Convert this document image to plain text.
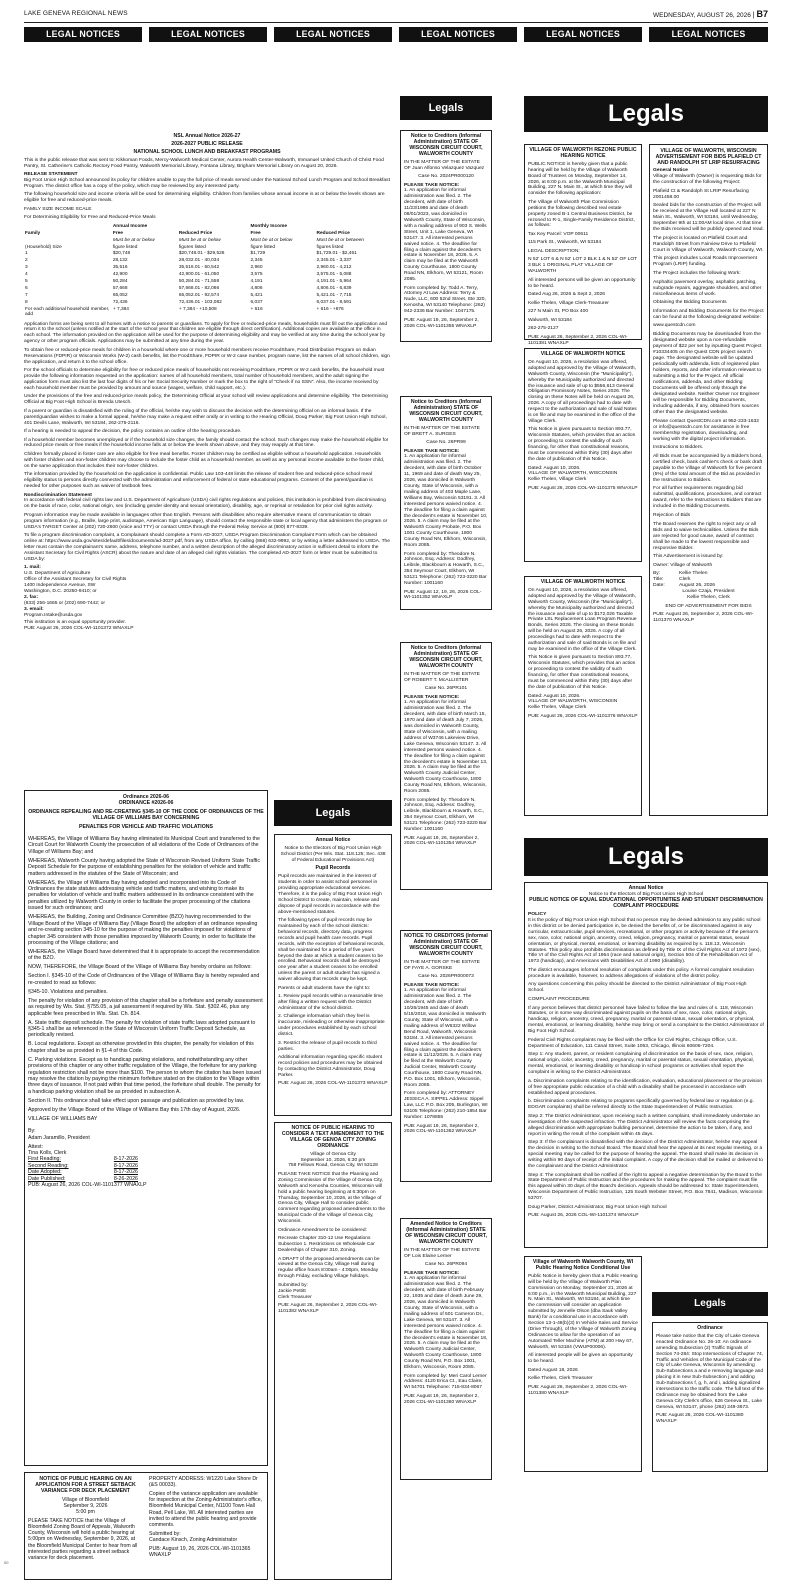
LAKE GENEVA REGIONAL NEWS	WEDNESDAY, AUGUST 26, 2026 | B7
LEGAL NOTICES	LEGAL NOTICES	LEGAL NOTICES	LEGAL NOTICES	LEGAL NOTICES	LEGAL NOTICES
Legals	Legals
Legals
Legals
Legals

NSL Annual Notice 2026-27

2026-2027 PUBLIC RELEASE

NATIONAL SCHOOL LUNCH AND BREAKFAST PROGRAMS

This is the public release that was sent to: Kikkoman Foods, Mercy-Walworth Medical Center, Aurora Health Center-Walworth, Immanuel United Church of Christ Food Pantry, St. Catherine's Catholic Rectory Food Pantry, Walworth Memorial Library, Fontana Library, Brigham Memorial Library on August 20, 2026.

RELEASE STATEMENT

Big Foot Union High School announced its policy for children unable to pay the full price of meals served under the National School Lunch Program and School Breakfast Program. The district office has a copy of the policy, which may be reviewed by any interested party.

The following household size and income criteria will be used for determining eligibility. Children from families whose annual income is at or below the levels shown are eligible for free and reduced-price meals.

FAMILY SIZE INCOME SCALE

For Determining Eligibility for Free and Reduced-Price Meals

	Annual Income		Monthly Income	
Family	Free	Reduced Price	Free	Reduced Price
	Must be at or below	Must be at or below	Must be at or below	Must be at or between
(Household) Size	figure listed	figures listed	figure listed	figures listed
1	$20,748	$20,748.01 - $29,526	$1,729	$1,729.01 - $2,461
2	28,132	28,032.01 - 40,034	2,345	2,345.01 - 3,337
3	35,516	35,516.01 - 50,542	2,960	2,960.01 - 4,212
4	42,900	42,900.01 - 61,050	3,575	3,575.01 - 5,088
5	50,284	50,284.01 - 71,558	4,191	4,191.01 - 5,964
6	57,668	57,668.01 - 82,066	4,806	4,806.01 - 6,839
7	65,052	65,052.01 - 92,574	5,421	5,421.01 - 7,715
8	72,436	72,436.01 - 103,082	6,037	6,037.01 - 8,591
For each additional household member, add	+ 7,384	+ 7,384 - +10,508	+ 616	+ 616 - +876

Application forms are being sent to all homes with a notice to parents or guardians. To apply for free or reduced-price meals, households must fill out the application and return it to the school (unless notified at the start of the school year that children are eligible through direct certification). Additional copies are available at the office in each school. The information provided on the application will be used for the purpose of determining eligibility and may be verified at any time during the school year by agency or other program officials. Applications may be submitted at any time during the year.

To obtain free or reduced-price meals for children in a household where one or more household members receive FoodShare, Food Distribution Program on Indian Reservations (FDPIR) or Wisconsin Works (W-2) cash benefits, list the FoodShare, FDPIR or W-2 case number, program name, list the names of all school children, sign the application, and return it to the school office.

For the school officials to determine eligibility for free or reduced price meals of households not receiving FoodShare, FDPIR or W-2 cash benefits, the household must provide the following information requested on the application: names of all household members, total number of household members, and the adult signing the application form must also list the last four digits of his or her Social Security Number or mark the box to the right of "Check if no SSN". Also, the income received by each household member must be provided by amount and source (wages, welfare, child support, etc.).

Under the provisions of the free and reduced-price meals policy, the Determining Official at your school will review applications and determine eligibility. The Determining Official at Big Foot High School is Brenda Utesch.

If a parent or guardian is dissatisfied with the ruling of the official, he/she may wish to discuss the decision with the determining official on an informal basis. If the parent/guardian wishes to make a formal appeal, he/she may make a request either orally or in writing to the Hearing Official, Doug Parker, Big Foot Union High School, 401 Devils Lane, Walworth, WI 53184, 262-275-2116.

If a hearing is needed to appeal the decision, the policy contains an outline of the hearing procedure.

If a household member becomes unemployed or if the household size changes, the family should contact the school. Such changes may make the household eligible for reduced price meals or free meals if the household income falls at or below the levels shown above, and they may reapply at that time.

Children formally placed in foster care are also eligible for free meal benefits. Foster children may be certified as eligible without a household application. Households with foster children and non-foster children may choose to include the foster child as a household member, as well as any personal income available to the foster child, on the same application that includes their non-foster children.

The information provided by the household on the application is confidential. Public Law 103-448 limits the release of student free and reduced-price school meal eligibility status to persons directly connected with the administration and enforcement of federal or state educational programs. Consent of the parent/guardian is needed for other purposes such as waiver of textbook fees.

Nondiscrimination Statement

In accordance with federal civil rights law and U.S. Department of Agriculture (USDA) civil rights regulations and policies, this institution is prohibited from discriminating on the basis of race, color, national origin, sex (including gender identity and sexual orientation), disability, age, or reprisal or retaliation for prior civil rights activity.

Program information may be made available in languages other than English. Persons with disabilities who require alternative means of communication to obtain program information (e.g., Braille, large print, audiotape, American Sign Language), should contact the responsible state or local agency that administers the program or USDA's TARGET Center at (202) 720-2600 (voice and TTY) or contact USDA through the Federal Relay Service at (800) 877-8339.

To file a program discrimination complaint, a Complainant should complete a Form AD-3027, USDA Program Discrimination Complaint Form which can be obtained online at: https://www.usda.gov/sites/default/files/documents/ad-3027.pdf, from any USDA office, by calling (866) 632-9992, or by writing a letter addressed to USDA. The letter must contain the complainant's name, address, telephone number, and a written description of the alleged discriminatory action in sufficient detail to inform the Assistant Secretary for Civil Rights (ASCR) about the nature and date of an alleged civil rights violation. The completed AD-3027 form or letter must be submitted to USDA by:

1. mail:
U.S. Department of Agriculture
Office of the Assistant Secretary for Civil Rights
1400 Independence Avenue, SW
Washington, D.C. 20250-9410; or
2. fax:
(833) 256-1665 or (202) 690-7442; or
3. email:
Program.Intake@usda.gov
This institution is an equal opportunity provider.
PUB: August 26, 2026 COL-WI-1101372 WNAXLP

Ordinance 2026-06

ORDINANCE #2026-06

ORDINANCE REPEALING AND RE-CREATING §345-10 OF THE CODE OF ORDINANCES OF THE VILLAGE OF WILLIAMS BAY CONCERNING

PENALTIES FOR VEHICLE AND TRAFFIC VIOLATIONS

WHEREAS, the Village of Williams Bay having eliminated its Municipal Court and transferred to the Circuit Court for Walworth County the prosecution of all violations of the Code of Ordinances of the Village of Williams Bay; and

WHEREAS, Walworth County having adopted the State of Wisconsin Revised Uniform State Traffic Deposit Schedule for the purpose of establishing penalties for the violation of vehicle and traffic matters addressed in the statutes of the State of Wisconsin; and

WHEREAS, the Village of Williams Bay having adopted and incorporated into its Code of Ordinances the state statutes addressing vehicle and traffic matters, and wishing to make its penalties for violation of vehicle and traffic matters addressed in its ordinance consistent with the penalties utilized by Walworth County in order to facilitate the proper processing of the citations issued for such ordinances; and

WHEREAS, the Building, Zoning and Ordinance Committee (BZO) having recommended to the Village Board of the Village of Williams Bay (Village Board) the adoption of an ordinance repealing and re-creating section 345-10 for the purpose of making the penalties imposed for violations of chapter 345 consistent with those penalties imposed by Walworth County, in order to facilitate the processing of the Village citations; and

WHEREAS, the Village Board have determined that it is appropriate to accept the recommendation of the BZO.

NOW, THEREFORE, the Village Board of the Village of Williams Bay hereby ordains as follows:

Section I. §345-10 of the Code of Ordinances of the Village of Williams Bay is hereby repealed and re-created to read as follows:

§345-10. Violations and penalties.

The penalty for violation of any provision of this chapter shall be a forfeiture and penalty assessment as required by Wis. Stat. §755.05, a jail assessment if required by Wis. Stat. §302.46, plus any applicable fees prescribed in Wis. Stat. Ch. 814.

A. State traffic deposit schedule. The penalty for violation of state traffic laws adopted pursuant to §345-1 shall be as referenced in the State of Wisconsin Uniform Traffic Deposit Schedule, as periodically revised.

B. Local regulations. Except as otherwise provided in this chapter, the penalty for violation of this chapter shall be as provided in §1-4 of this Code.

C. Parking violations. Except as to handicap parking violations, and notwithstanding any other provisions of this chapter or any other traffic regulation of the Village, the forfeiture for any parking regulation restriction shall not be more than $100. The person to whom the citation has been issued may resolve the citation by paying the minimum forfeiture stated on the citation to the Village within three days of issuance. If not paid within that time period, the forfeiture shall double. The penalty for a handicap parking violation shall be as provided in subsection A.

Section II. This ordinance shall take effect upon passage and publication as provided by law.

Approved by the Village Board of the Village of Williams Bay this 17th day of August, 2026.

VILLAGE OF WILLIAMS BAY

By:

Adam Jaramillo, President

Attest:

Tina Kolls, Clerk

First Reading:	8-17-2026
Second Reading:	8-17-2026
Date Adopted:	8-17-2026
Date Published:	8-26-2026
PUB: August 26, 2026 COL-WI-1101377 WNAXLP

NOTICE OF PUBLIC HEARING ON AN APPLICATION FOR A STREET SETBACK VARIANCE FOR DECK PLACEMENT

Village of Bloomfield

September 9, 2026

5:00 pm

PLEASE TAKE NOTICE that the Village of Bloomfield Zoning Board of Appeals, Walworth County, Wisconsin will hold a public hearing at 5:00pm on Wednesday, September 9, 2026, at the Bloomfield Municipal Center to hear from all interested parties regarding a street setback variance for deck placement.

PROPERTY ADDRESS: W1220 Lake Shore Dr (&S 00033).

Copies of the variance application are available for inspection at the Zoning Administrator's office, Bloomfield Municipal Center, N1100 Town Hall Road, Pell Lake, WI. All interested parties are invited to attend the public hearing and provide comments.

Submitted by:

Candace Kinsch, Zoning Administrator

PUB: August 19, 26, 2026 COL-WI-1101365 WNAXLP

Annual Notice

Notice to the Electors of Big Foot Union High School District (Per Wis. Stat. 118.125; Sec. 438 of Federal Educational Provisions Act)

Pupil Records

Pupil records are maintained in the interest of students in order to assist school personnel in providing appropriate educational services. Therefore, it is the policy of Big Foot Union High School District to create, maintain, release and dispose of pupil records in accordance with the above-mentioned statutes.

The following types of pupil records may be maintained by each of the school districts: behavioral records, directory data, progress records and pupil health care records. Pupil records, with the exception of behavioral records, shall be maintained for a period of five years beyond the date at which a student ceases to be enrolled. Behavioral records shall be destroyed one year after a student ceases to be enrolled unless the parent or adult student has signed a waiver allowing that records may be kept.

Parents or adult students have the right to:

1. Review pupil records within a reasonable time after filing a written request with the District Administrator of the school district.

2. Challenge information which they feel is inaccurate, misleading or otherwise inappropriate under procedures established by each school district.

3. Restrict the release of pupil records to third parties.

Additional information regarding specific student record policies and procedures may be obtained by contacting the District Administrator, Doug Parker.

PUB: August 26, 2026 COL-WI-1101373 WNAXLP

NOTICE OF PUBLIC HEARING TO CONSIDER A TEXT AMENDMENT TO THE VILLAGE OF GENOA CITY ZONING ORDINANCE

Village of Genoa City

September 10, 2026, 6:30 pm

758 Fellows Road, Genoa City, WI 53128

PLEASE TAKE NOTICE that the Planning and Zoning Commission of the Village of Genoa City, Walworth and Kenosha Counties, Wisconsin will hold a public hearing beginning at 6:30pm on Thursday, September 10, 2026, at the Village of Genoa City, Village Hall to consider public comment regarding proposed amendments to the Municipal Code of the Village of Genoa City, Wisconsin.

Ordinance Amendment to be considered:

Recreate Chapter 310-12 Use Regulations Subsection 1. Restrictions on Wholesale Car Dealerships of Chapter 310, Zoning.

A DRAFT of the proposed amendments can be viewed at the Genoa City, Village Hall during regular office hours 8:00am - 4:00pm, Monday through Friday, excluding Village holidays.

Submitted by:

Jackie Pettitt

Clerk Treasurer

PUB: August 26, September 2, 2026 COL-WI-1101382 WNAXLP

Notice to Creditors (Informal Administration) STATE OF WISCONSIN CIRCUIT COURT, WALWORTH COUNTY

IN THE MATTER OF THE ESTATE OF Juan Alfonso Velazquez Vazquez

Case No. 2024PR000120

PLEASE TAKE NOTICE:

1. An application for informal administration was filed. 2. The decedent, with date of birth 11/23/1986 and date of death 08/01/2023, was domiciled in Walworth County, State of Wisconsin, with a mailing address of 903 S. Wells Street, Unit 1, Lake Geneva, WI 53147. 3. All interested persons waived notice. 4. The deadline for filing a claim against the decedent's estate is November 18, 2026. 5. A claim may be filed at the Walworth County Courthouse, 1800 County Road NN, Elkhorn, WI 53121, Room 2085.

Form completed by: Todd A. Terry, Attorney At Law Address: Terry & Nude, LLC, 600 52nd Street, Ste 320, Kenosha, WI 53140 Telephone: (262) 942-2336 Bar Number: 1047175.

PUB: August 19, 26, September 2, 2026 COL-WI-1101355 WNAXLP

Notice to Creditors (Informal Administration) STATE OF WISCONSIN CIRCUIT COURT, WALWORTH COUNTY

IN THE MATTER OF THE ESTATE OF BRETT A. SURGES

Case No. 26PR99

PLEASE TAKE NOTICE:

1. An application for informal administration was filed. 2. The decedent, with date of birth October 11, 1969 and date of death May 25, 2026, was domiciled in Walworth County, State of Wisconsin, with a mailing address of 403 Maple Lane, Williams Bay, Wisconsin 53191. 3. All interested persons waived notice. 4. The deadline for filing a claim against the decedent's estate is November 10, 2026. 5. A claim may be filed at the Walworth County Probate, P.O. Box 1001 County Courthouse, 1800 County Road NN, Elkhorn, Wisconsin, Room 2085.

Form completed by: Theodore N. Johnson, Esq. Address: Godfrey, Leibsle, Blackbourn & Howarth, S.C., 354 Seymour Court, Elkhorn, WI 53121 Telephone: (262) 723-3220 Bar Number: 1001160

PUB: August 12, 19, 26, 2026 COL-WI-1101352 WNAXLP

Notice to Creditors (Informal Administration) STATE OF WISCONSIN CIRCUIT COURT, WALWORTH COUNTY

IN THE MATTER OF THE ESTATE OF ROBERT T. McALLISTER

Case No. 26PR101

PLEASE TAKE NOTICE:

1. An application for informal administration was filed. 2. The decedent, with date of birth March 15, 1970 and date of death July 7, 2026, was domiciled in Walworth County, State of Wisconsin, with a mailing address of W3746 Lakeview Drive, Lake Geneva, Wisconsin 53147. 3. All interested persons waived notice. 4. The deadline for filing a claim against the decedent's estate is November 13, 2026. 5. A claim may be filed at the Walworth County Judicial Center, Walworth County Courthouse, 1800 County Road NN, Elkhorn, Wisconsin, Room 2085.

Form completed by: Theodore N. Johnson, Esq. Address: Godfrey, Leibsle, Blackbourn & Howarth, S.C., 354 Seymour Court, Elkhorn, WI 53121 Telephone: (262) 723-3220 Bar Number: 1001160

PUB: August 19, 26, September 2, 2026 COL-WI-1101354 WNAXLP

NOTICE TO CREDITORS (Informal Administration) STATE OF WISCONSIN CIRCUIT COURT, WALWORTH COUNTY

IN THE MATTER OF THE ESTATE OF FAYE A. GORSKE

Case No. 2026PR000073

PLEASE TAKE NOTICE:

1. An application for informal administration was filed. 2. The decedent, with date of birth 10/26/1945 and date of death 5/15/2018, was domiciled in Walworth County, State of Wisconsin, with a mailing address of W6322 Willow Bend Road, Walworth, Wisconsin 53184. 3. All interested persons waived notice. 4. The deadline for filing a claim against the decedent's estate is 11/12/2026. 5. A claim may be filed at the Walworth County Judicial Center, Walworth County Courthouse, 1800 County Road NN, P.O. Box 1001, Elkhorn, Wisconsin, Room 2085.

Form completed by: ATTORNEY JESSICA A. SIPPEL Address: Sippel Law, LLC P.O. Box 205, Burlington, WI 53105 Telephone: (262) 210-1854 Bar Number: 1078855

PUB: August 19, 26, September 2, 2026 COL-WI-1101362 WNAXLP

Amended Notice to Creditors (Informal Administration) STATE OF WISCONSIN CIRCUIT COURT, WALWORTH COUNTY

IN THE MATTER OF THE ESTATE OF Lois Elaine Lerner

Case No. 26PR094

PLEASE TAKE NOTICE:

1. An application for informal administration was filed. 2. The decedent, with date of birth February 22, 1935 and date of death June 29, 2026, was domiciled in Walworth County, State of Wisconsin, with a mailing address of 501 Cameron Dr., Lake Geneva, WI 53147. 3. All interested persons waived notice. 4. The deadline for filing a claim against the decedent's estate is November 18, 2026. 5. A claim may be filed at the Walworth County Judicial Center, Walworth County Courthouse, 1800 County Road NN, P.O. Box 1001, Elkhorn, Wisconsin, Room 2085.

Form completed by: Meri Carol Lerner Address: 4120 Erica Ct., Eau Claire, WI 54701 Telephone: 715-834-8067

PUB: August 19, 26, September 2, 2026 COL-WI-1101360 WNAXLP

VILLAGE OF WALWORTH REZONE PUBLIC HEARING NOTICE

PUBLIC NOTICE is hereby given that a public hearing will be held by the Village of Walworth Board of Trustees on Monday, September 14, 2026, at 6:00 p.m. at the Walworth Municipal Building, 227 N. Main St., at which time they will consider the following application:

The Village of Walworth Plan Commission petitions the following described real estate property zoned B-1 Central Business District, be rezoned to R-1, Single-Family Residence District, as follows:

Tax Key Parcel: VOP 00611

115 Park St., Walworth, WI 53184

LEGAL DESCRIPTION:

N 52' LOT 6 & N 52' LOT 2 BLK 1 & N 52' OF LOT 3 BLK 1 ORIGINAL PLAT VILLAGE OF WALWORTH

All interested persons will be given an opportunity to be heard.

Dated Aug 26, 2026 & Sept 2, 2026

Kellie Thelen, Village Clerk-Treasurer

227 N Main St, PO Box 400

Walworth, WI 53184

262-275-2127

PUB: August 26, September 2, 2026 COL-WI-1101381 WNAXLP

VILLAGE OF WALWORTH NOTICE

On August 10, 2026, a resolution was offered, adopted and approved by the Village of Walworth, Walworth County, Wisconsin (the "Municipality"), whereby the Municipality authorized and directed the issuance and sale of up to $556,613 General Obligation Promissory Notes, Series 2026. The closing on these Notes will be held on August 26, 2026. A copy of all proceedings had to date with respect to the authorization and sale of said Notes is on file and may be examined in the office of the Village Clerk.

This Notice is given pursuant to Section 893.77, Wisconsin Statutes, which provides that an action or proceeding to contest the validity of such financing, for other than constitutional reasons, must be commenced within thirty (30) days after the date of publication of this Notice.

Dated: August 10, 2026.

VILLAGE OF WALWORTH, WISCONSIN

Kellie Thelen, Village Clerk

PUB: August 26, 2026 COL-WI-1101375 WNAXLP

VILLAGE OF WALWORTH NOTICE

On August 10, 2026, a resolution was offered, adopted and approved by the Village of Walworth, Walworth County, Wisconsin (the "Municipality"), whereby the Municipality authorized and directed the issuance and sale of up to $172,026 Taxable Private LSL Replacement Loan Program Revenue Bonds, Series 2026. The closing on these Bonds will be held on August 26, 2026. A copy of all proceedings had to date with respect to the authorization and sale of said Bonds is on file and may be examined in the office of the Village Clerk.

This Notice is given pursuant to Section 893.77, Wisconsin Statutes, which provides that an action or proceeding to contest the validity of such financing, for other than constitutional reasons, must be commenced within thirty (30) days after the date of publication of this Notice.

Dated: August 10, 2026.

VILLAGE OF WALWORTH, WISCONSIN

Kellie Thelen, Village Clerk

PUB: August 26, 2026 COL-WI-1101376 WNAXLP

VILLAGE OF WALWORTH, WISCONSIN ADVERTISEMENT FOR BIDS PLAFIELD CT AND RANDOLPH ST LRIP RESURFACING

General Notice

Village of Walworth (Owner) is requesting Bids for the construction of the following Project:

Plafield Ct & Randolph St LRIP Resurfacing 2001458.00

Sealed bids for the construction of the Project will be received at the Village Hall located at 227 N Main St., Walworth, WI 53184, until Wednesday, September 9th at 11:00AM local time. At that time the Bids received will be publicly opened and read.

The project is located on Plafield Court and Randolph Street from Fairview Drive to Plafield Court in Village of Walworth, Walworth County, WI.

This project includes Local Roads Improvement Program (LRIP) funding.

The Project includes the following Work:

Asphaltic pavement overlay, asphaltic patching, subgrade repairs, aggregate shoulders, and other miscellaneous items of work.

Obtaining the Bidding Documents

Information and Bidding Documents for the Project can be found at the following designated website:

www.questcdn.com

Bidding Documents may be downloaded from the designated website upon a non-refundable payment of $22 per set by inputting Quest Project #10334405 on the Quest CDN project search page. The designated website will be updated periodically with addenda, lists of registered plan holders, reports, and other information relevant to submitting a Bid for the Project. All official notifications, addenda, and other Bidding Documents will be offered only through the designated website. Neither Owner nor Engineer will be responsible for Bidding Documents, including addenda, if any, obtained from sources other than the designated website.

Please contact QuestCDN.com at 952-233-1632 or info@questcdn.com for assistance in free membership registration, downloading, and working with the digital project information.

Instructions to Bidders.

All Bids must be accompanied by a Bidder's bond, certified check, bank cashier's check or bank draft payable to the Village of Walworth for five percent (5%) of the total amount of the Bid as provided in the Instructions to Bidders.

For all further requirements regarding bid submittal, qualifications, procedures, and contract award, refer to the Instructions to Bidders that are included in the Bidding Documents.

Rejection of Bids

The Board reserves the right to reject any or all Bids and to waive technicalities. Unless the Bids are rejected for good cause, award of contract shall be made to the lowest responsible and responsive Bidder.

This Advertisement is issued by:

Owner: Village of Walworth

By:	Kellie Thelen
Title:	Clerk
Date:	August 26, 2026

Louise Czaja, President

Kellie Thelen, Clerk

END OF ADVERTISEMENT FOR BIDS

PUB: August 26, September 2, 2026 COL-WI-1101370 WNAXLP

Annual Notice

Notice to the Electors of Big Foot Union High School

PUBLIC NOTICE OF EQUAL EDUCATIONAL OPPORTUNITIES AND STUDENT DISCRIMINATION COMPLAINT PROCEDURE

POLICY

It is the policy of Big Foot Union High School that no person may be denied admission to any public school in this district or be denied participation in, be denied the benefits of, or be discriminated against in any curricular, extracurricular, pupil services, recreational, or other program or activity because of the person's sex, race, color, national origin, ancestry, creed, religion, pregnancy, marital or parental status, sexual orientation, or physical, mental, emotional, or learning disability as required by s. 118.13, Wisconsin Statutes. This policy also prohibits discrimination as defined by Title IX of the Civil Rights Act of 1972 (sex), Title VI of the Civil Rights Act of 1964 (race and national origin), Section 504 of the Rehabilitation Act of 1973 (handicap), and Americans with Disabilities Act of 1990 (disability).

The district encourages informal resolution of complaints under this policy. A formal complaint resolution procedure is available, however, to address allegations of violations of the district policy.

Any questions concerning this policy should be directed to the District Administrator of Big Foot High School.

COMPLAINT PROCEDURE

If any person believes that district personnel have failed to follow the law and rules of s. 118, Wisconsin Statutes, or in some way discriminated against pupils on the basis of sex, race, color, national origin, handicap, religion, ancestry, creed, pregnancy, marital or parental status, sexual orientation, or physical, mental, emotional, or learning disability, he/she may bring or send a complaint to the District Administrator of Big Foot High School.

Federal Civil Rights complaints may be filed with the Office for Civil Rights, Chicago Office, U.S. Department of Education, 111 Canal Street, Suite 1053, Chicago, Illinois 60606-7204.

Step 1: Any student, parent, or resident complaining of discrimination on the basis of sex, race, religion, national origin, color, ancestry, creed, pregnancy, marital or parental status, sexual orientation, physical, mental, emotional, or learning disability or handicap in school programs or activities shall report the complaint in writing to the District Administrator.

a. Discrimination complaints relating to the identification, evaluation, educational placement or the provision of free appropriate public education of a child with a disability shall be processed in accordance with established appeal procedures.

b. Discrimination complaints relating to programs specifically governed by federal law or regulation (e.g. EDGAR complaints) shall be referred directly to the State Superintendent of Public Instruction.

Step 2: The District Administrator, upon receiving such a written complaint, shall immediately undertake an investigation of the suspected infraction. The District Administrator will review the facts comprising the alleged discrimination with appropriate building personnel, determine the action to be taken, if any, and report in writing the result of the complaint within 45 days.

Step 3: If the complainant is dissatisfied with the decision of the District Administrator, he/she may appeal the decision in writing to the School Board. The Board shall hear the appeal at its next regular meeting, or a special meeting may be called for the purpose of hearing the appeal. The Board shall make its decision in writing within 90 days of receipt of the initial complaint. A copy of the decision shall be mailed or delivered to the complainant and the District Administrator.

Step 4: The complainant shall be notified of the right to appeal a negative determination by the Board to the State Department of Public Instruction and the procedures for making the appeal. The complaint must file this appeal within 30 days of the Board's decision. Appeals should be addressed to: State Superintendent, Wisconsin Department of Public Instruction, 125 South Webster Street, P.O. Box 7841, Madison, Wisconsin 53707.

Doug Parker, District Administrator, Big Foot Union High School

PUB: August 26, 2026 COL-WI-1101374 WNAXLP

Village of Walworth Walworth County, WI Public Hearing Notice Conditional Use

Public Notice is hereby given that a Public Hearing will be held by the Village of Walworth Plan Commission on Monday, September 21, 2026 at 6:00 p.m., in the Walworth Municipal Building, 227 N. Main St., Walworth, WI 53184, at which time the commission will consider an application submitted by Jennelle Olson (dba Sauk Valley Bank) for a conditional use in accordance with Section 13-1-48(b)(3) In Vehicle Sales and Service (Drive Through), of the Village of Walworth Zoning Ordinances to allow for the operation of an Automated Teller Machine (ATM) at 200 Hwy 67, Walworth, WI 53184 (VWUP00006).

All interested people will be given an opportunity to be heard.

Dated August 18, 2026

Kellie Thelen, Clerk Treasurer

PUB: August 26, September 2, 2026 COL-WI-1101380 WNAXLP

Ordinance

Please take notice that the City of Lake Geneva enacted Ordinance No. 26-10: An ordinance amending Subsection (2) Traffic Signals of Section 74-284: Stop Intersections of Chapter 74, Traffic and Vehicles of the Municipal Code of the City of Lake Geneva, Wisconsin by amending Sub-Subsections a and e removing language and placing it in new Sub-Subsection j and adding Sub-Subsections f, g, h, and i, adding signalized intersections to the traffic code. The full text of the Ordinance may be obtained from the Lake Geneva City Clerk's office, 626 Geneva St., Lake Geneva, WI 53147, phone (262) 249-3673.

PUB: August 26, 2026 COL-WI-1101380 WNAXLP

00
